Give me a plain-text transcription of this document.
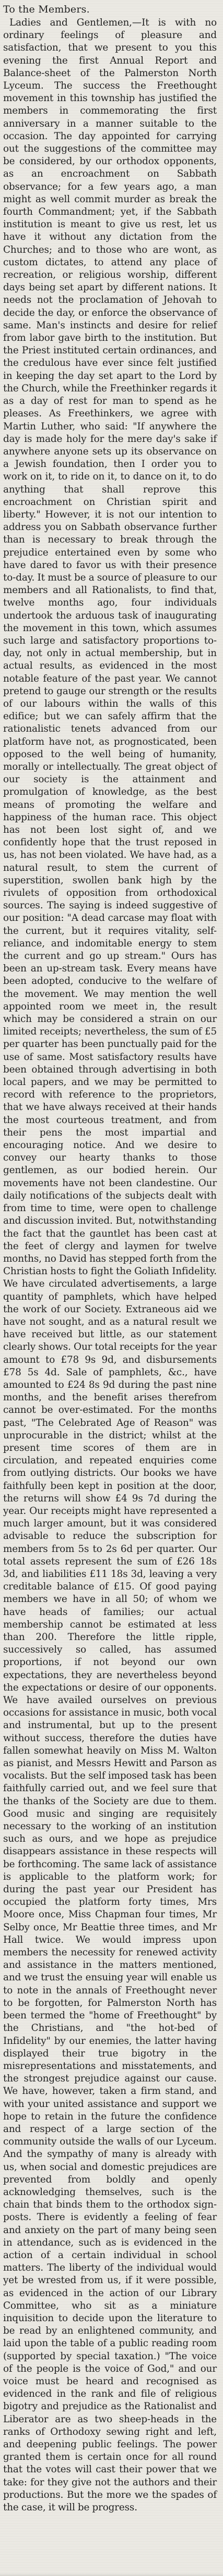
To the Members.

Ladies and Gentlemen,—It is with no ordinary feelings of pleasure and satisfaction, that we present to you this evening the first Annual Report and Balance-sheet of the Palmerston North Lyceum. The success the Freethought movement in this township has justified the members in commemorating the first anniversary in a manner suitable to the occasion. The day appointed for carrying out the suggestions of the committee may be considered, by our orthodox opponents, as an encroachment on Sabbath observance; for a few years ago, a man might as well commit murder as break the fourth Commandment; yet, if the Sabbath institution is meant to give us rest, let us have it without any dictation from the Churches; and to those who are wont, as custom dictates, to attend any place of recreation, or religious worship, different days being set apart by different nations. It needs not the proclamation of Jehovah to decide the day, or enforce the observance of same. Man's instincts and desire for relief from labor gave birth to the institution. But the Priest instituted certain ordinances, and the credulous have ever since felt justified in keeping the day set apart to the Lord by the Church, while the Freethinker regards it as a day of rest for man to spend as he pleases. As Freethinkers, we agree with Martin Luther, who said: "If anywhere the day is made holy for the mere day's sake if anywhere anyone sets up its observance on a Jewish foundation, then I order you to work on it, to ride on it, to dance on it, to do anything that shall reprove this encroachment on Christian spirit and liberty." However, it is not our intention to address you on Sabbath observance further than is necessary to break through the prejudice entertained even by some who have dared to favor us with their presence to-day. It must be a source of pleasure to our members and all Rationalists, to find that, twelve months ago, four individuals undertook the arduous task of inaugurating the movement in this town, which assumes such large and satisfactory proportions to-day, not only in actual membership, but in actual results, as evidenced in the most notable feature of the past year. We cannot pretend to gauge our strength or the results of our labours within the walls of this edifice; but we can safely affirm that the rationalistic tenets advanced from our platform have not, as prognosticated, been opposed to the well being of humanity, morally or intellectually. The great object of our society is the attainment and promulgation of knowledge, as the best means of promoting the welfare and happiness of the human race. This object has not been lost sight of, and we confidently hope that the trust reposed in us, has not been violated. We have had, as a natural result, to stem the current of superstition, swollen bank high by the rivulets of opposition from orthodoxical sources. The saying is indeed suggestive of our position: "A dead carcase may float with the current, but it requires vitality, self-reliance, and indomitable energy to stem the current and go up stream." Ours has been an up-stream task. Every means have been adopted, conducive to the welfare of the movement. We may mention the well appointed room we meet in, the result which may be considered a strain on our limited receipts; nevertheless, the sum of £5 per quarter has been punctually paid for the use of same. Most satisfactory results have been obtained through advertising in both local papers, and we may be permitted to record with reference to the proprietors, that we have always received at their hands the most courteous treatment, and from their pens the most impartial and encouraging notice. And we desire to convey our hearty thanks to those gentlemen, as our bodied herein. Our movements have not been clandestine. Our daily notifications of the subjects dealt with from time to time, were open to challenge and discussion invited. But, notwithstanding the fact that the gauntlet has been cast at the feet of clergy and laymen for twelve months, no David has stepped forth from the Christian hosts to fight the Goliath Infidelity. We have circulated advertisements, a large quantity of pamphlets, which have helped the work of our Society. Extraneous aid we have not sought, and as a natural result we have received but little, as our statement clearly shows. Our total receipts for the year amount to £78 9s 9d, and disbursements £78 5s 4d. Sale of pamphlets, &c., have amounted to £24 8s 9d during the past nine months, and the benefit arises therefrom cannot be over-estimated. For the months past, "The Celebrated Age of Reason" was unprocurable in the district; whilst at the present time scores of them are in circulation, and repeated enquiries come from outlying districts. Our books we have faithfully been kept in position at the door, the returns will show £4 9s 7d during the year. Our receipts might have represented a much larger amount, but it was considered advisable to reduce the subscription for members from 5s to 2s 6d per quarter. Our total assets represent the sum of £26 18s 3d, and liabilities £11 18s 3d, leaving a very creditable balance of £15. Of good paying members we have in all 50; of whom we have heads of families; our actual membership cannot be estimated at less than 200. Therefore the little ripple, successively so called, has assumed proportions, if not beyond our own expectations, they are nevertheless beyond the expectations or desire of our opponents. We have availed ourselves on previous occasions for assistance in music, both vocal and instrumental, but up to the present without success, therefore the duties have fallen somewhat heavily on Miss M. Walton as pianist, and Messrs Hewitt and Parson as vocalists. But the self imposed task has been faithfully carried out, and we feel sure that the thanks of the Society are due to them. Good music and singing are requisitely necessary to the working of an institution such as ours, and we hope as prejudice disappears assistance in these respects will be forthcoming. The same lack of assistance is applicable to the platform work; for during the past year our President has occupied the platform forty times, Mrs Moore once, Miss Chapman four times, Mr Selby once, Mr Beattie three times, and Mr Hall twice. We would impress upon members the necessity for renewed activity and assistance in the matters mentioned, and we trust the ensuing year will enable us to note in the annals of Freethought never to be forgotten, for Palmerston North has been termed the "home of Freethought" by the Christians, and "the hot-bed of Infidelity" by our enemies, the latter having displayed their true bigotry in the misrepresentations and misstatements, and the strongest prejudice against our cause. We have, however, taken a firm stand, and with your united assistance and support we hope to retain in the future the confidence and respect of a large section of the community outside the walls of our Lyceum. And the sympathy of many is already with us, when social and domestic prejudices are prevented from boldly and openly acknowledging themselves, such is the chain that binds them to the orthodox sign-posts. There is evidently a feeling of fear and anxiety on the part of many being seen in attendance, such as is evidenced in the action of a certain individual in school matters. The liberty of the individual would yet be wrested from us, if it were possible, as evidenced in the action of our Library Committee, who sit as a miniature inquisition to decide upon the literature to be read by an enlightened community, and laid upon the table of a public reading room (supported by special taxation.) "The voice of the people is the voice of God," and our voice must be heard and recognised as evidenced in the rank and file of religious bigotry and prejudice as the Rationalist and Liberator are as two sheep-heads in the ranks of Orthodoxy sewing right and left, and deepening public feelings. The power granted them is certain once for all round that the votes will cast their power that we take: for they give not the authors and their productions. But the more we the spades of the case, it will be progress.
